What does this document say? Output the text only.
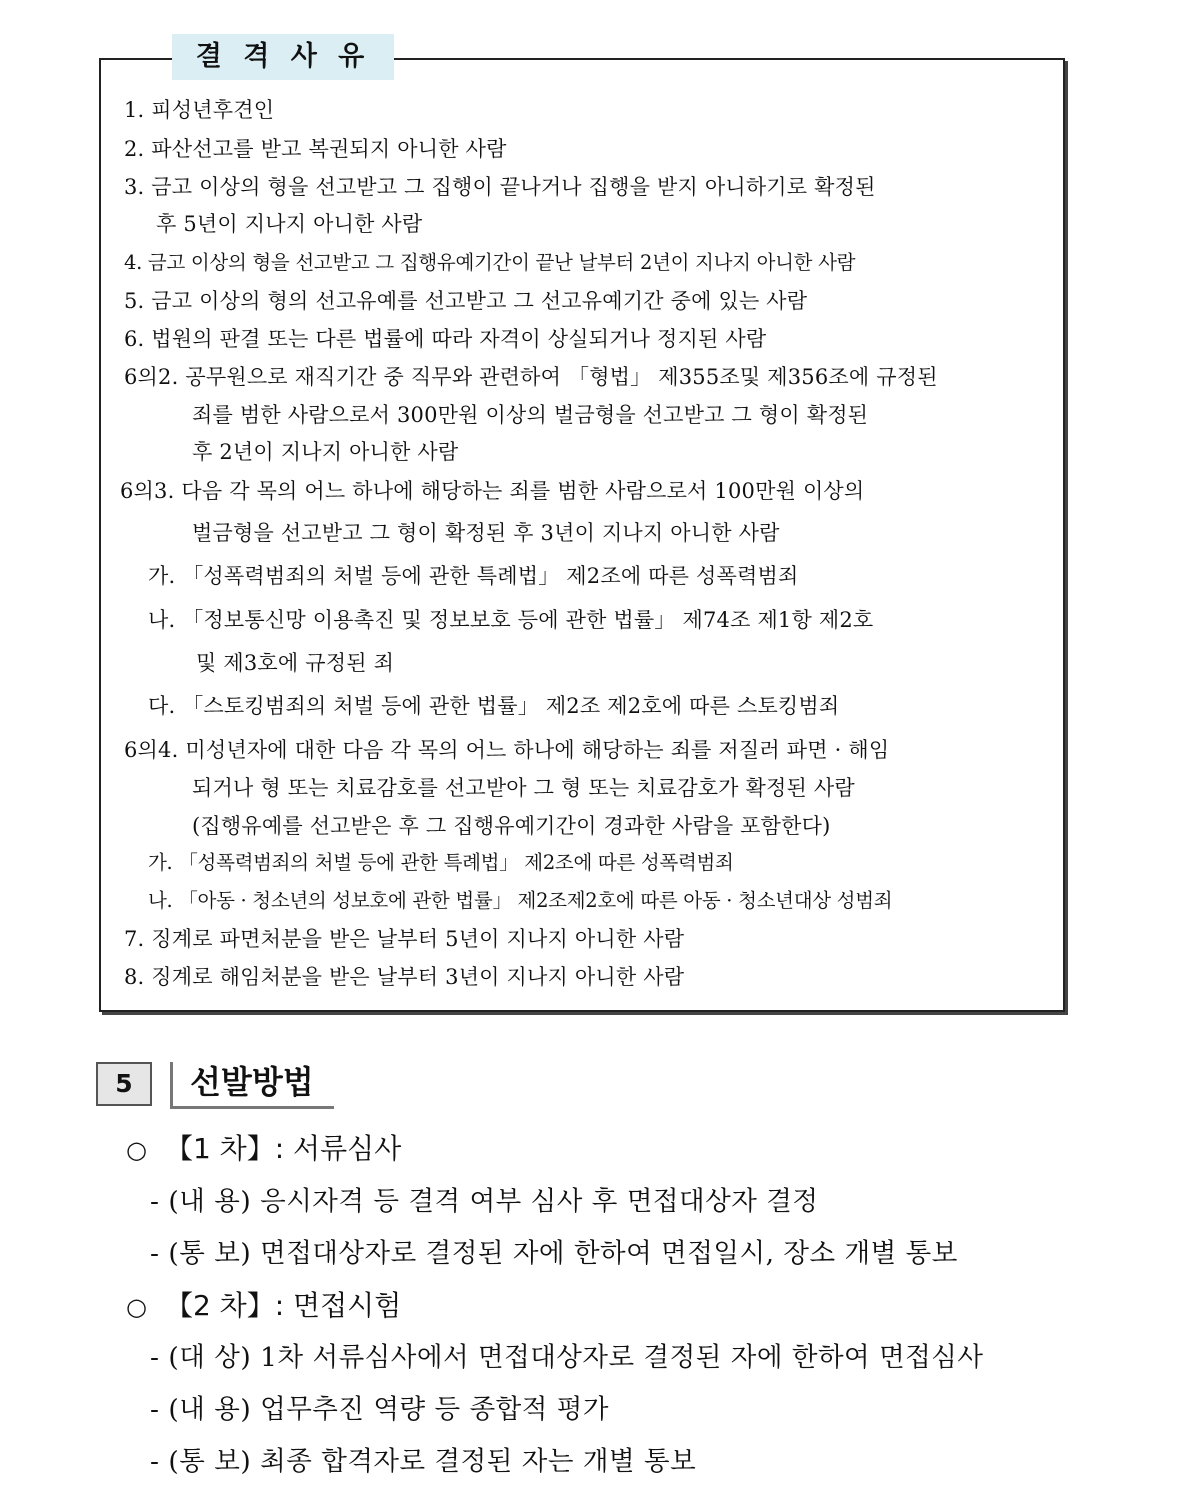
결 격 사 유
1. 피성년후견인
2. 파산선고를 받고 복권되지 아니한 사람
3. 금고 이상의 형을 선고받고 그 집행이 끝나거나 집행을 받지 아니하기로 확정된
후 5년이 지나지 아니한 사람
4. 금고 이상의 형을 선고받고 그 집행유예기간이 끝난 날부터 2년이 지나지 아니한 사람
5. 금고 이상의 형의 선고유예를 선고받고 그 선고유예기간 중에 있는 사람
6. 법원의 판결 또는 다른 법률에 따라 자격이 상실되거나 정지된 사람
6의2. 공무원으로 재직기간 중 직무와 관련하여 「형법」 제355조및 제356조에 규정된
죄를 범한 사람으로서 300만원 이상의 벌금형을 선고받고 그 형이 확정된
후 2년이 지나지 아니한 사람
6의3. 다음 각 목의 어느 하나에 해당하는 죄를 범한 사람으로서 100만원 이상의
벌금형을 선고받고 그 형이 확정된 후 3년이 지나지 아니한 사람
가. 「성폭력범죄의 처벌 등에 관한 특례법」 제2조에 따른 성폭력범죄
나. 「정보통신망 이용촉진 및 정보보호 등에 관한 법률」 제74조 제1항 제2호
및 제3호에 규정된 죄
다. 「스토킹범죄의 처벌 등에 관한 법률」 제2조 제2호에 따른 스토킹범죄
6의4. 미성년자에 대한 다음 각 목의 어느 하나에 해당하는 죄를 저질러 파면 · 해임
되거나 형 또는 치료감호를 선고받아 그 형 또는 치료감호가 확정된 사람
(집행유예를 선고받은 후 그 집행유예기간이 경과한 사람을 포함한다)
가. 「성폭력범죄의 처벌 등에 관한 특례법」 제2조에 따른 성폭력범죄
나. 「아동 · 청소년의 성보호에 관한 법률」 제2조제2호에 따른 아동 · 청소년대상 성범죄
7. 징계로 파면처분을 받은 날부터 5년이 지나지 아니한 사람
8. 징계로 해임처분을 받은 날부터 3년이 지나지 아니한 사람
5	선발방법
○ 【1 차】: 서류심사
- (내 용) 응시자격 등 결격 여부 심사 후 면접대상자 결정
- (통 보) 면접대상자로 결정된 자에 한하여 면접일시, 장소 개별 통보
○ 【2 차】: 면접시험
- (대 상) 1차 서류심사에서 면접대상자로 결정된 자에 한하여 면접심사
- (내 용) 업무추진 역량 등 종합적 평가
- (통 보) 최종 합격자로 결정된 자는 개별 통보
